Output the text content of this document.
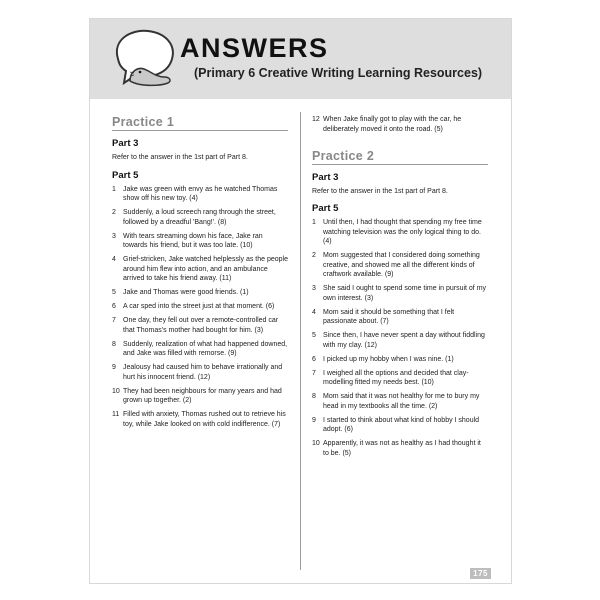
ANSWERS
(Primary 6 Creative Writing Learning Resources)
Practice 1
Part 3
Refer to the answer in the 1st part of Part 8.
Part 5
1	Jake was green with envy as he watched Thomas show off his new toy. (4)
2	Suddenly, a loud screech rang through the street, followed by a dreadful 'Bang!'. (8)
3	With tears streaming down his face, Jake ran towards his friend, but it was too late. (10)
4	Grief-stricken, Jake watched helplessly as the people around him flew into action, and an ambulance arrived to take his friend away. (11)
5	Jake and Thomas were good friends. (1)
6	A car sped into the street just at that moment. (6)
7	One day, they fell out over a remote-controlled car that Thomas's mother had bought for him. (3)
8	Suddenly, realization of what had happened downed, and Jake was filled with remorse. (9)
9	Jealousy had caused him to behave irrationally and hurt his innocent friend. (12)
10 They had been neighbours for many years and had grown up together. (2)
11 Filled with anxiety, Thomas rushed out to retrieve his toy, while Jake looked on with cold indifference. (7)
12 When Jake finally got to play with the car, he deliberately moved it onto the road. (5)
Practice 2
Part 3
Refer to the answer in the 1st part of Part 8.
Part 5
1	Until then, I had thought that spending my free time watching television was the only logical thing to do. (4)
2	Mom suggested that I considered doing something creative, and showed me all the different kinds of craftwork available. (9)
3	She said I ought to spend some time in pursuit of my own interest. (3)
4	Mom said it should be something that I felt passionate about. (7)
5	Since then, I have never spent a day without fiddling with my clay. (12)
6	I picked up my hobby when I was nine. (1)
7	I weighed all the options and decided that clay-modelling fitted my needs best. (10)
8	Mom said that it was not healthy for me to bury my head in my textbooks all the time. (2)
9	I started to think about what kind of hobby I should adopt. (6)
10 Apparently, it was not as healthy as I had thought it to be. (5)
175
